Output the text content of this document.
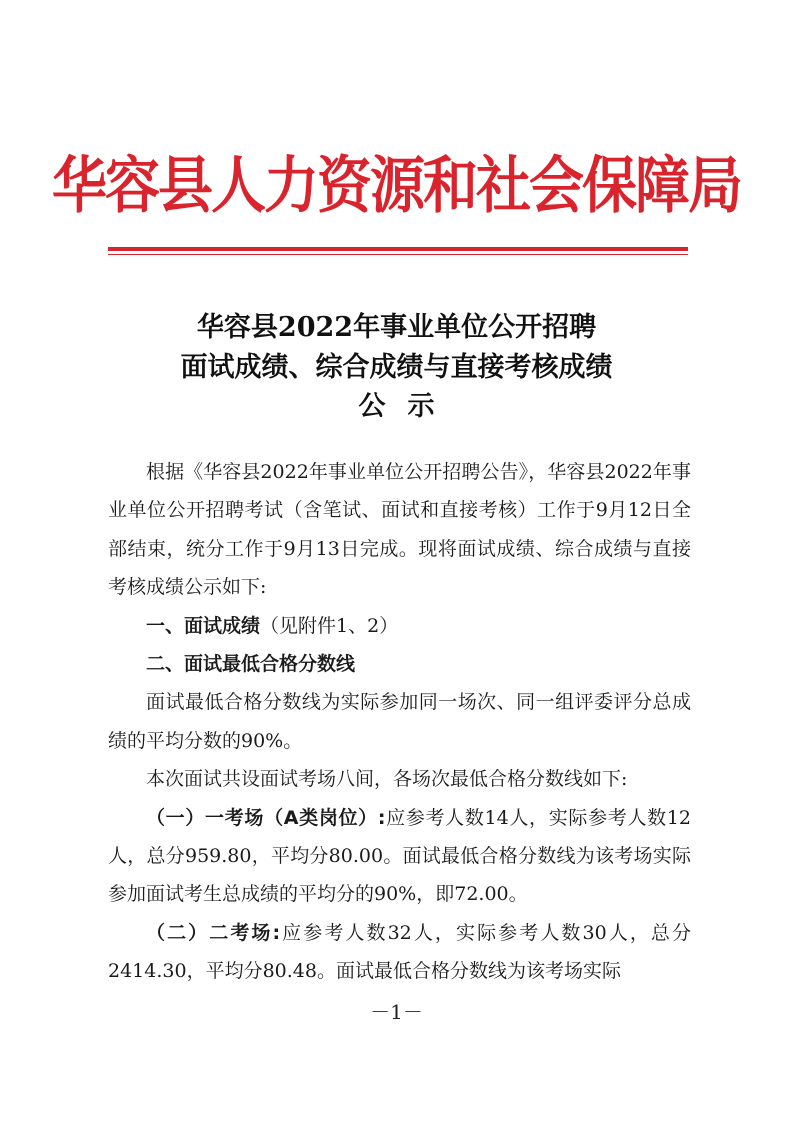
华容县人力资源和社会保障局
华容县2022年事业单位公开招聘
面试成绩、综合成绩与直接考核成绩
公示

根据《华容县2022年事业单位公开招聘公告》，华容县2022年事业单位公开招聘考试（含笔试、面试和直接考核）工作于9月12日全部结束，统分工作于9月13日完成。现将面试成绩、综合成绩与直接考核成绩公示如下:

一、面试成绩（见附件1、2）

二、面试最低合格分数线

面试最低合格分数线为实际参加同一场次、同一组评委评分总成绩的平均分数的90%。

本次面试共设面试考场八间，各场次最低合格分数线如下:

（一）一考场（A类岗位）:应参考人数14人，实际参考人数12人，总分959.80，平均分80.00。面试最低合格分数线为该考场实际参加面试考生总成绩的平均分的90%，即72.00。

（二）二考场:应参考人数32人，实际参考人数30人，总分2414.30，平均分80.48。面试最低合格分数线为该考场实际

－1－
